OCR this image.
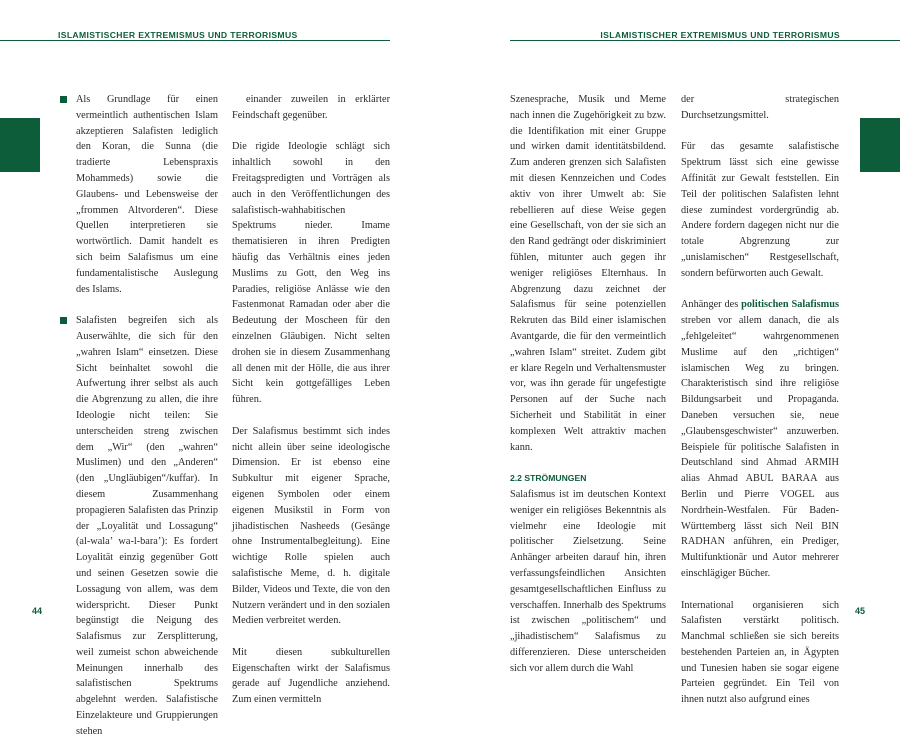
ISLAMISTISCHER EXTREMISMUS UND TERRORISMUS	ISLAMISTISCHER EXTREMISMUS UND TERRORISMUS

Als Grundlage für einen vermeintlich authentischen Islam akzeptieren Salafisten lediglich den Koran, die Sunna (die tradierte Lebenspraxis Mohammeds) sowie die Glaubens- und Lebensweise der „frommen Altvorderen“. Diese Quellen interpretieren sie wortwörtlich. Damit handelt es sich beim Salafismus um eine fundamentalistische Auslegung des Islams.

Salafisten begreifen sich als Auserwählte, die sich für den „wahren Islam“ einsetzen. Diese Sicht beinhaltet sowohl die Aufwertung ihrer selbst als auch die Abgrenzung zu allen, die ihre Ideologie nicht teilen: Sie unterscheiden streng zwischen dem „Wir“ (den „wahren“ Muslimen) und den „Anderen“ (den „Ungläubigen“/kuffar). In diesem Zusammenhang propagieren Salafisten das Prinzip der „Loyalität und Lossagung“ (al-wala’ wa-l-bara’): Es fordert Loyalität einzig gegenüber Gott und seinen Gesetzen sowie die Lossagung von allem, was dem widerspricht. Dieser Punkt begünstigt die Neigung des Salafismus zur Zersplitterung, weil zumeist schon abweichende Meinungen innerhalb des salafistischen Spektrums abgelehnt werden. Salafistische Einzelakteure und Gruppierungen stehen

einander zuweilen in erklärter Feindschaft gegenüber.

Die rigide Ideologie schlägt sich inhaltlich sowohl in den Freitagspredigten und Vorträgen als auch in den Veröffentlichungen des salafistisch-wahhabitischen Spektrums nieder. Imame thematisieren in ihren Predigten häufig das Verhältnis eines jeden Muslims zu Gott, den Weg ins Paradies, religiöse Anlässe wie den Fastenmonat Ramadan oder aber die Bedeutung der Moscheen für den einzelnen Gläubigen. Nicht selten drohen sie in diesem Zusammenhang all denen mit der Hölle, die aus ihrer Sicht kein gottgefälliges Leben führen.

Der Salafismus bestimmt sich indes nicht allein über seine ideologische Dimension. Er ist ebenso eine Subkultur mit eigener Sprache, eigenen Symbolen oder einem eigenen Musikstil in Form von jihadistischen Nasheeds (Gesänge ohne Instrumentalbegleitung). Eine wichtige Rolle spielen auch salafistische Meme, d. h. digitale Bilder, Videos und Texte, die von den Nutzern verändert und in den sozialen Medien verbreitet werden.

Mit diesen subkulturellen Eigenschaften wirkt der Salafismus gerade auf Jugendliche anziehend. Zum einen vermitteln

Szenesprache, Musik und Meme nach innen die Zugehörigkeit zu bzw. die Identifikation mit einer Gruppe und wirken damit identitätsbildend. Zum anderen grenzen sich Salafisten mit diesen Kennzeichen und Codes aktiv von ihrer Umwelt ab: Sie rebellieren auf diese Weise gegen eine Gesellschaft, von der sie sich an den Rand gedrängt oder diskriminiert fühlen, mitunter auch gegen ihr weniger religiöses Elternhaus. In Abgrenzung dazu zeichnet der Salafismus für seine potenziellen Rekruten das Bild einer islamischen Avantgarde, die für den vermeintlich „wahren Islam“ streitet. Zudem gibt er klare Regeln und Verhaltensmuster vor, was ihn gerade für ungefestigte Personen auf der Suche nach Sicherheit und Stabilität in einer komplexen Welt attraktiv machen kann.

2.2 STRÖMUNGEN

Salafismus ist im deutschen Kontext weniger ein religiöses Bekenntnis als vielmehr eine Ideologie mit politischer Zielsetzung. Seine Anhänger arbeiten darauf hin, ihren verfassungsfeindlichen Ansichten gesamtgesellschaftlichen Einfluss zu verschaffen. Innerhalb des Spektrums ist zwischen „politischem“ und „jihadistischem“ Salafismus zu differenzieren. Diese unterscheiden sich vor allem durch die Wahl

der strategischen Durchsetzungsmittel.

Für das gesamte salafistische Spektrum lässt sich eine gewisse Affinität zur Gewalt feststellen. Ein Teil der politischen Salafisten lehnt diese zumindest vordergründig ab. Andere fordern dagegen nicht nur die totale Abgrenzung zur „unislamischen“ Restgesellschaft, sondern befürworten auch Gewalt.

Anhänger des politischen Salafismus streben vor allem danach, die als „fehlgeleitet“ wahrgenommenen Muslime auf den „richtigen“ islamischen Weg zu bringen. Charakteristisch sind ihre religiöse Bildungsarbeit und Propaganda. Daneben versuchen sie, neue „Glaubensgeschwister“ anzuwerben. Beispiele für politische Salafisten in Deutschland sind Ahmad ARMIH alias Ahmad ABUL BARAA aus Berlin und Pierre VOGEL aus Nordrhein-Westfalen. Für Baden-Württemberg lässt sich Neil BIN RADHAN anführen, ein Prediger, Multifunktionär und Autor mehrerer einschlägiger Bücher.

International organisieren sich Salafisten verstärkt politisch. Manchmal schließen sie sich bereits bestehenden Parteien an, in Ägypten und Tunesien haben sie sogar eigene Parteien gegründet. Ein Teil von ihnen nutzt also aufgrund eines

44	45
